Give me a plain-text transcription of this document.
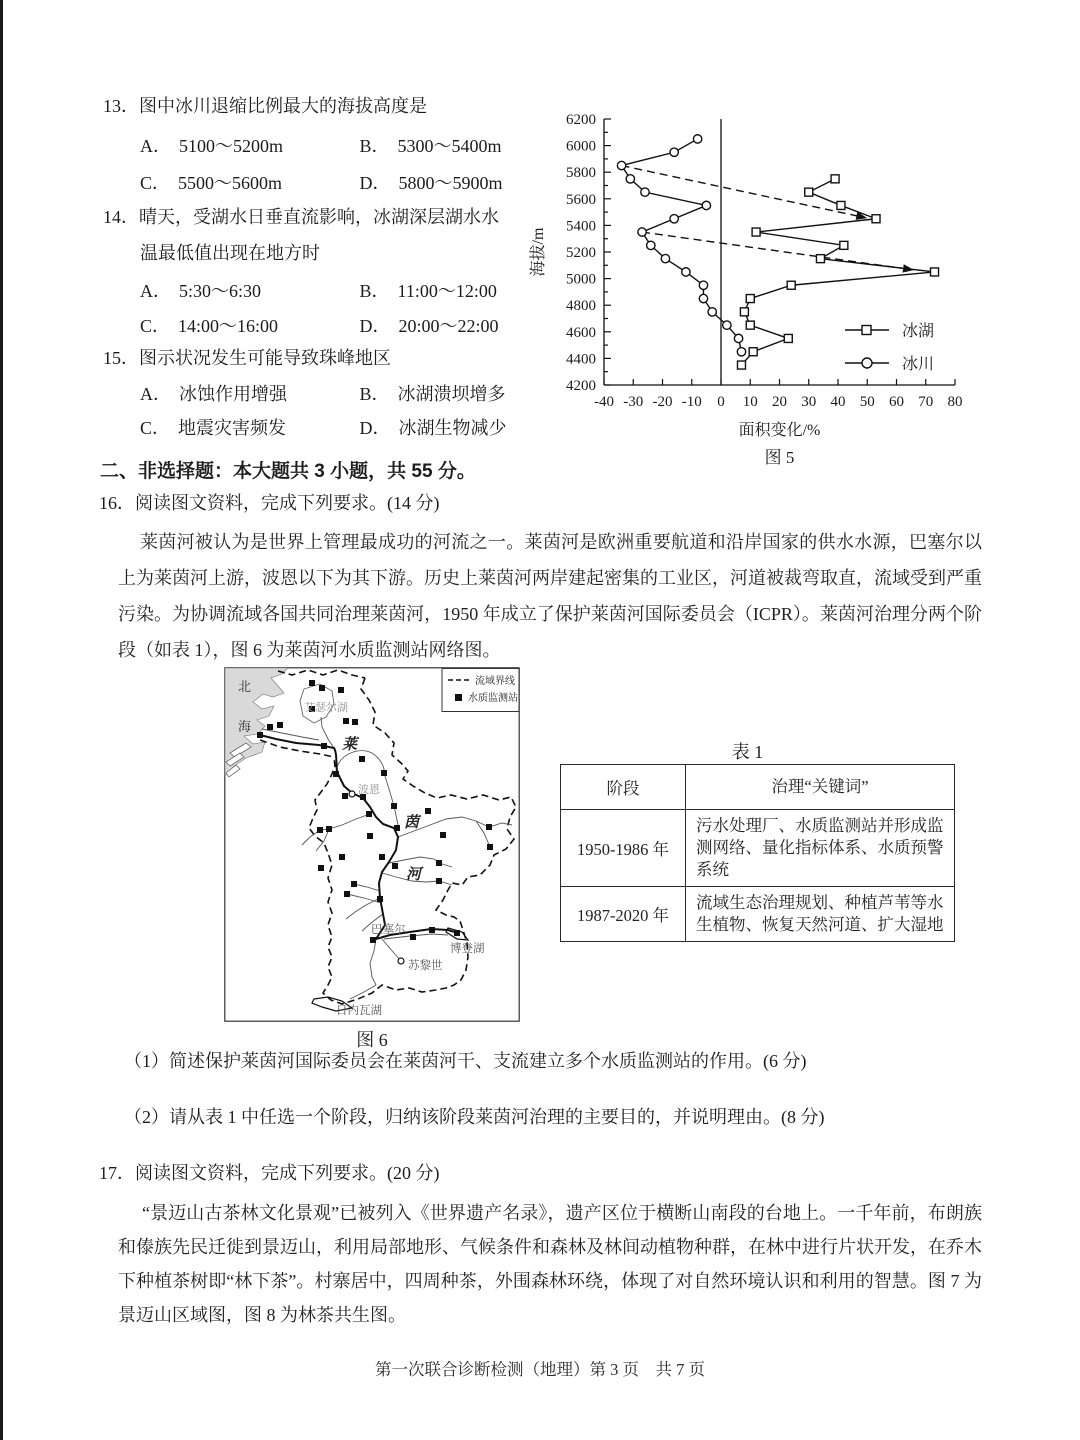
13．图中冰川退缩比例最大的海拔高度是
A． 5100～5200m	B． 5300～5400m
C． 5500～5600m	D． 5800～5900m
14．晴天，受湖水日垂直流影响，冰湖深层湖水水
温最低值出现在地方时
A． 5:30～6:30	B． 11:00～12:00
C． 14:00～16:00	D． 20:00～22:00
15．图示状况发生可能导致珠峰地区
A． 冰蚀作用增强	B． 冰湖溃坝增多
C． 地震灾害频发	D． 冰湖生物减少
4200
4400
4600
4800
5000
5200
5400
5600
5800
6000
6200
-40 -30 -20 -10 0 10 20 30 40 50 60 70 80
海拔/m
面积变化/%
图 5
冰湖
冰川
二、非选择题：本大题共 3 小题，共 55 分。
16．阅读图文资料，完成下列要求。(14 分)
莱茵河被认为是世界上管理最成功的河流之一。莱茵河是欧洲重要航道和沿岸国家的供水水源，巴塞尔以上为莱茵河上游，波恩以下为其下游。历史上莱茵河两岸建起密集的工业区，河道被裁弯取直，流域受到严重污染。为协调流域各国共同治理莱茵河，1950 年成立了保护莱茵河国际委员会（ICPR）。莱茵河治理分两个阶段（如表 1），图 6 为莱茵河水质监测站网络图。
流域界线
水质监测站
北
海
艾瑟尔湖
莱
波恩
茵
河
巴塞尔
博登湖
苏黎世
日内瓦湖
图 6
表 1
阶段	治理“关键词”
1950-1986 年	污水处理厂、水质监测站并形成监测网络、量化指标体系、水质预警系统
1987-2020 年	流域生态治理规划、种植芦苇等水生植物、恢复天然河道、扩大湿地
（1）简述保护莱茵河国际委员会在莱茵河干、支流建立多个水质监测站的作用。(6 分)
（2）请从表 1 中任选一个阶段，归纳该阶段莱茵河治理的主要目的，并说明理由。(8 分)
17．阅读图文资料，完成下列要求。(20 分)
“景迈山古茶林文化景观”已被列入《世界遗产名录》，遗产区位于横断山南段的台地上。一千年前，布朗族和傣族先民迁徙到景迈山，利用局部地形、气候条件和森林及林间动植物种群，在林中进行片状开发，在乔木下种植茶树即“林下茶”。村寨居中，四周种茶，外围森林环绕，体现了对自然环境认识和利用的智慧。图 7 为景迈山区域图，图 8 为林茶共生图。
第一次联合诊断检测（地理）第 3 页　共 7 页
